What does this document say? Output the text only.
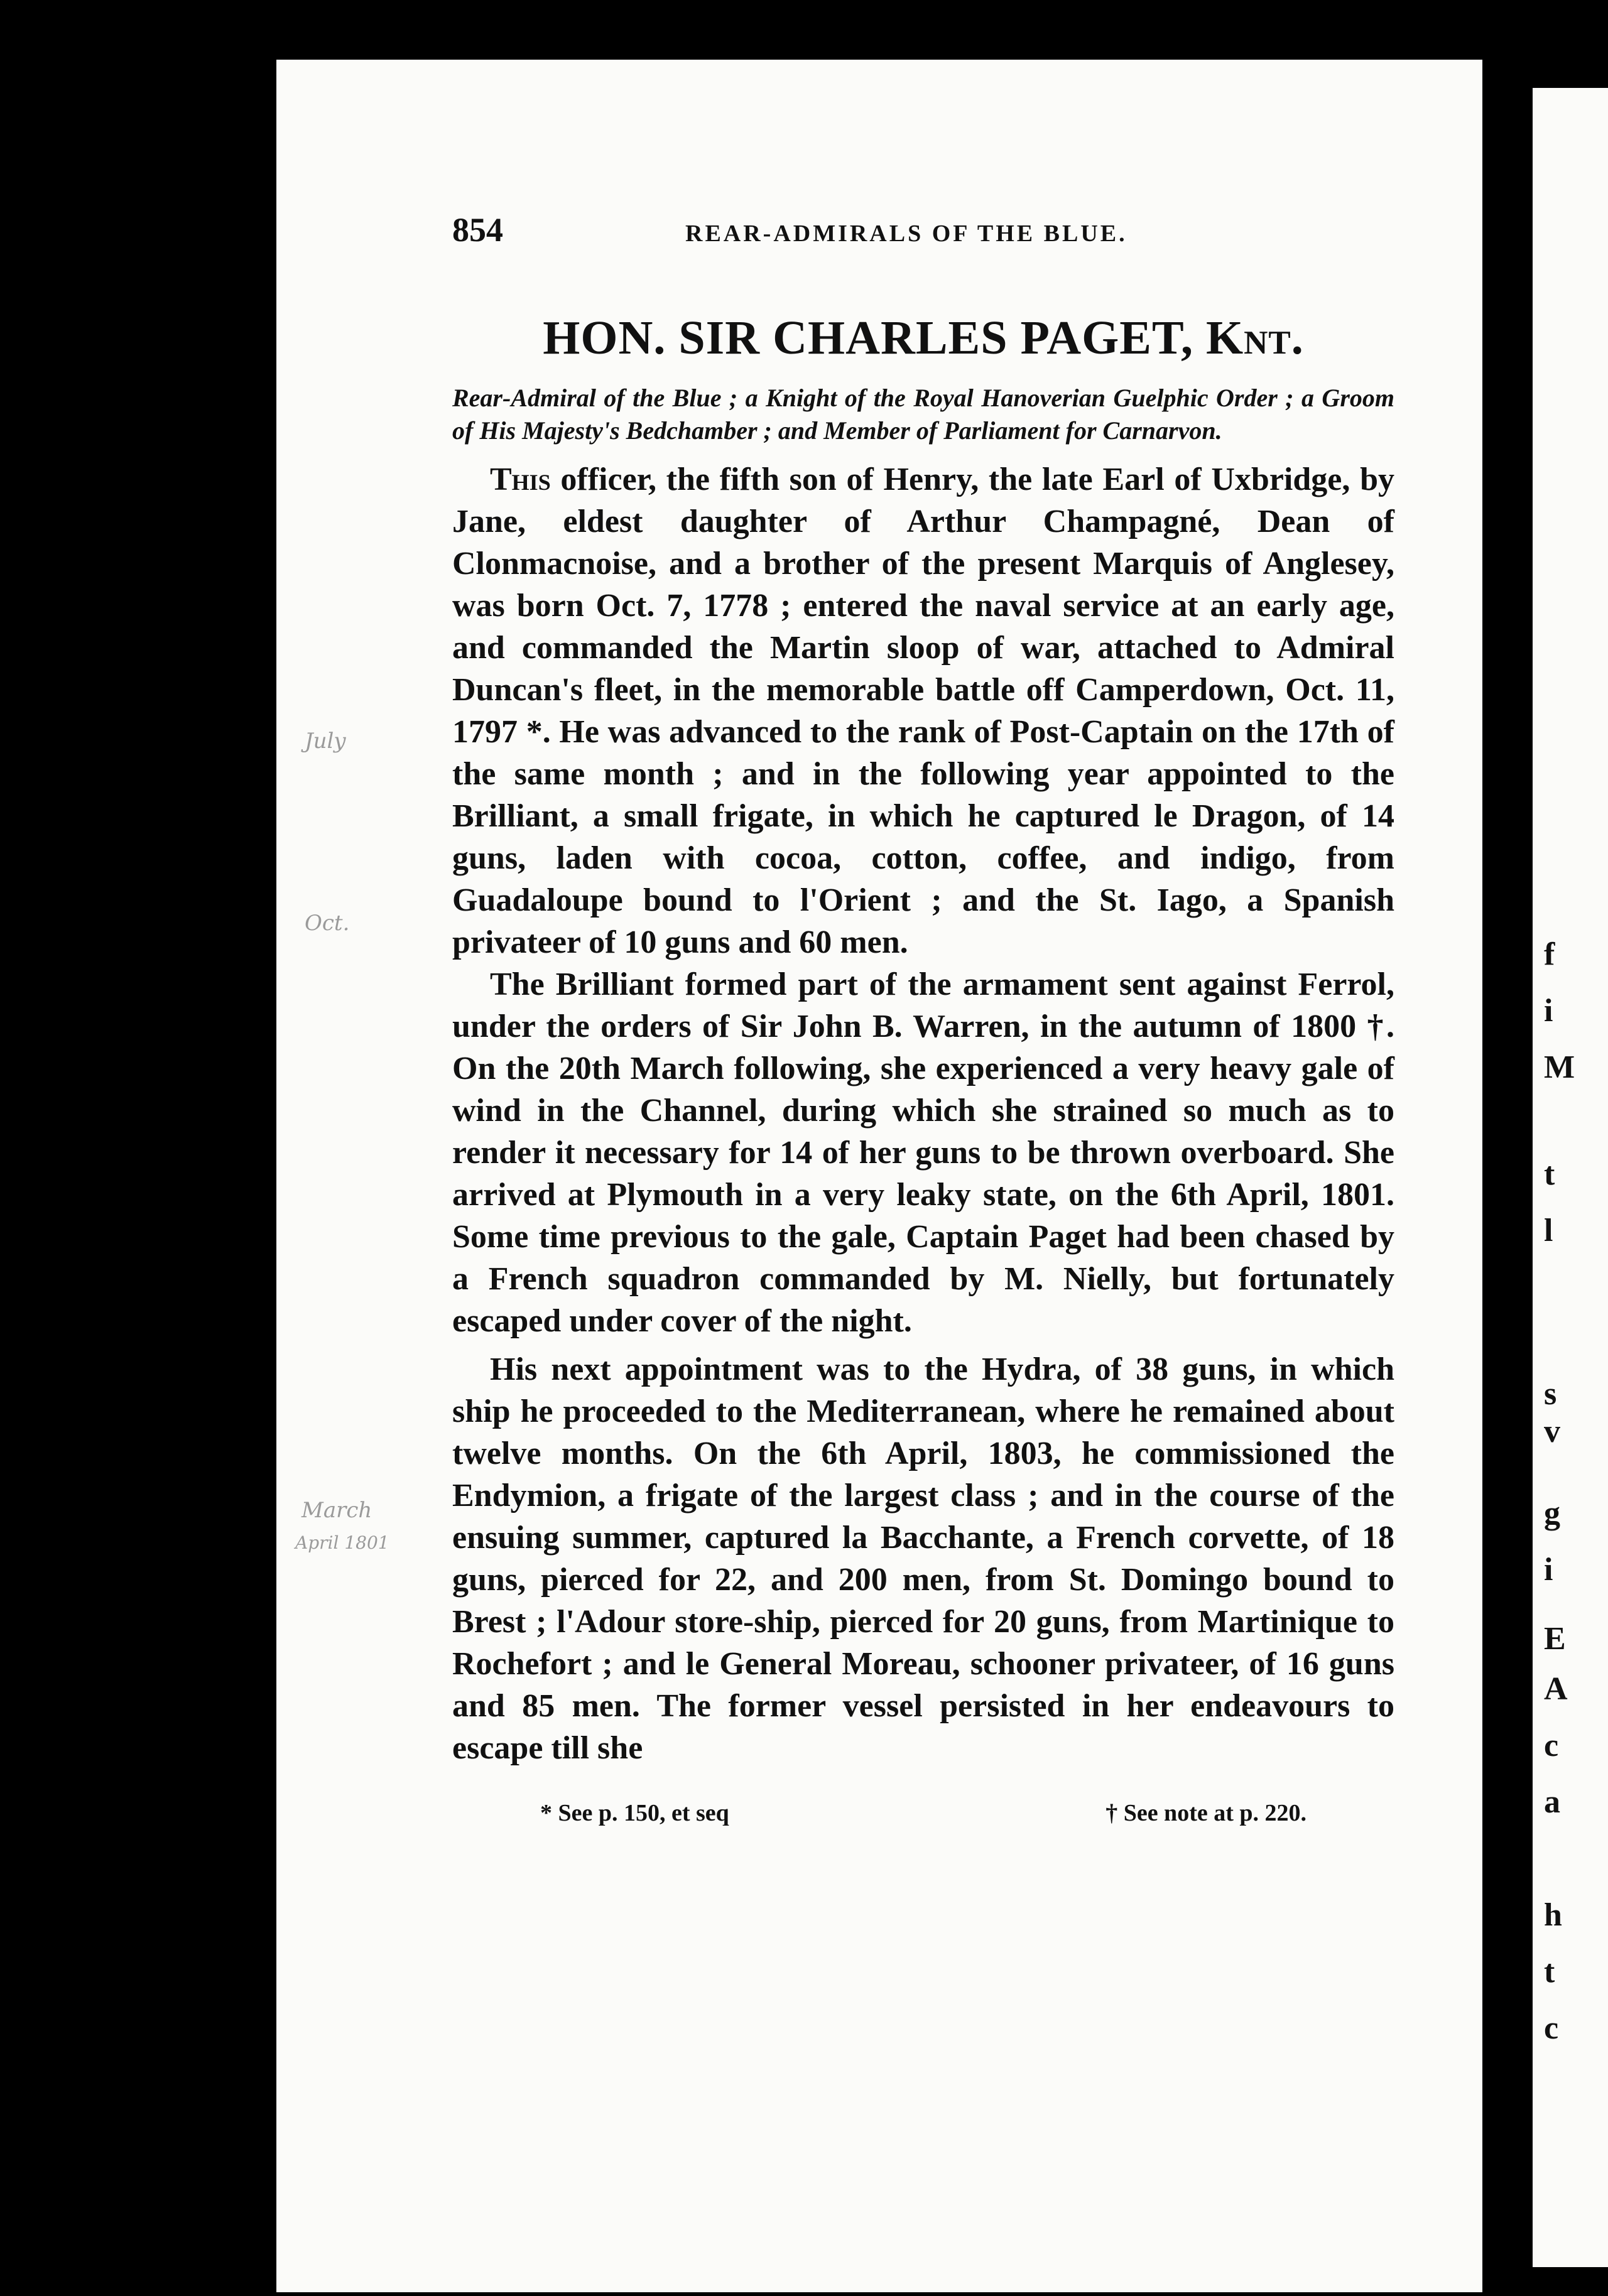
854	REAR-ADMIRALS OF THE BLUE.
HON. SIR CHARLES PAGET, Knt.
Rear-Admiral of the Blue ; a Knight of the Royal Hanoverian Guelphic Order ; a Groom of His Majesty's Bedchamber ; and Member of Parliament for Carnarvon.

This officer, the fifth son of Henry, the late Earl of Uxbridge, by Jane, eldest daughter of Arthur Champagné, Dean of Clonmacnoise, and a brother of the present Marquis of Anglesey, was born Oct. 7, 1778 ; entered the naval service at an early age, and commanded the Martin sloop of war, attached to Admiral Duncan's fleet, in the memorable battle off Camperdown, Oct. 11, 1797 *. He was advanced to the rank of Post-Captain on the 17th of the same month ; and in the following year appointed to the Brilliant, a small frigate, in which he captured le Dragon, of 14 guns, laden with cocoa, cotton, coffee, and indigo, from Guadaloupe bound to l'Orient ; and the St. Iago, a Spanish privateer of 10 guns and 60 men.

The Brilliant formed part of the armament sent against Ferrol, under the orders of Sir John B. Warren, in the autumn of 1800 †. On the 20th March following, she experienced a very heavy gale of wind in the Channel, during which she strained so much as to render it necessary for 14 of her guns to be thrown overboard. She arrived at Plymouth in a very leaky state, on the 6th April, 1801. Some time previous to the gale, Captain Paget had been chased by a French squadron commanded by M. Nielly, but fortunately escaped under cover of the night.

His next appointment was to the Hydra, of 38 guns, in which ship he proceeded to the Mediterranean, where he remained about twelve months. On the 6th April, 1803, he commissioned the Endymion, a frigate of the largest class ; and in the course of the ensuing summer, captured la Bacchante, a French corvette, of 18 guns, pierced for 22, and 200 men, from St. Domingo bound to Brest ; l'Adour store-ship, pierced for 20 guns, from Martinique to Rochefort ; and le General Moreau, schooner privateer, of 16 guns and 85 men. The former vessel persisted in her endeavours to escape till she

* See p. 150, et seq	† See note at p. 220.
July
Oct.
March
April 1801
f
i
M
t
l
s
v
g
i
E
A
c
a
h
t
c
